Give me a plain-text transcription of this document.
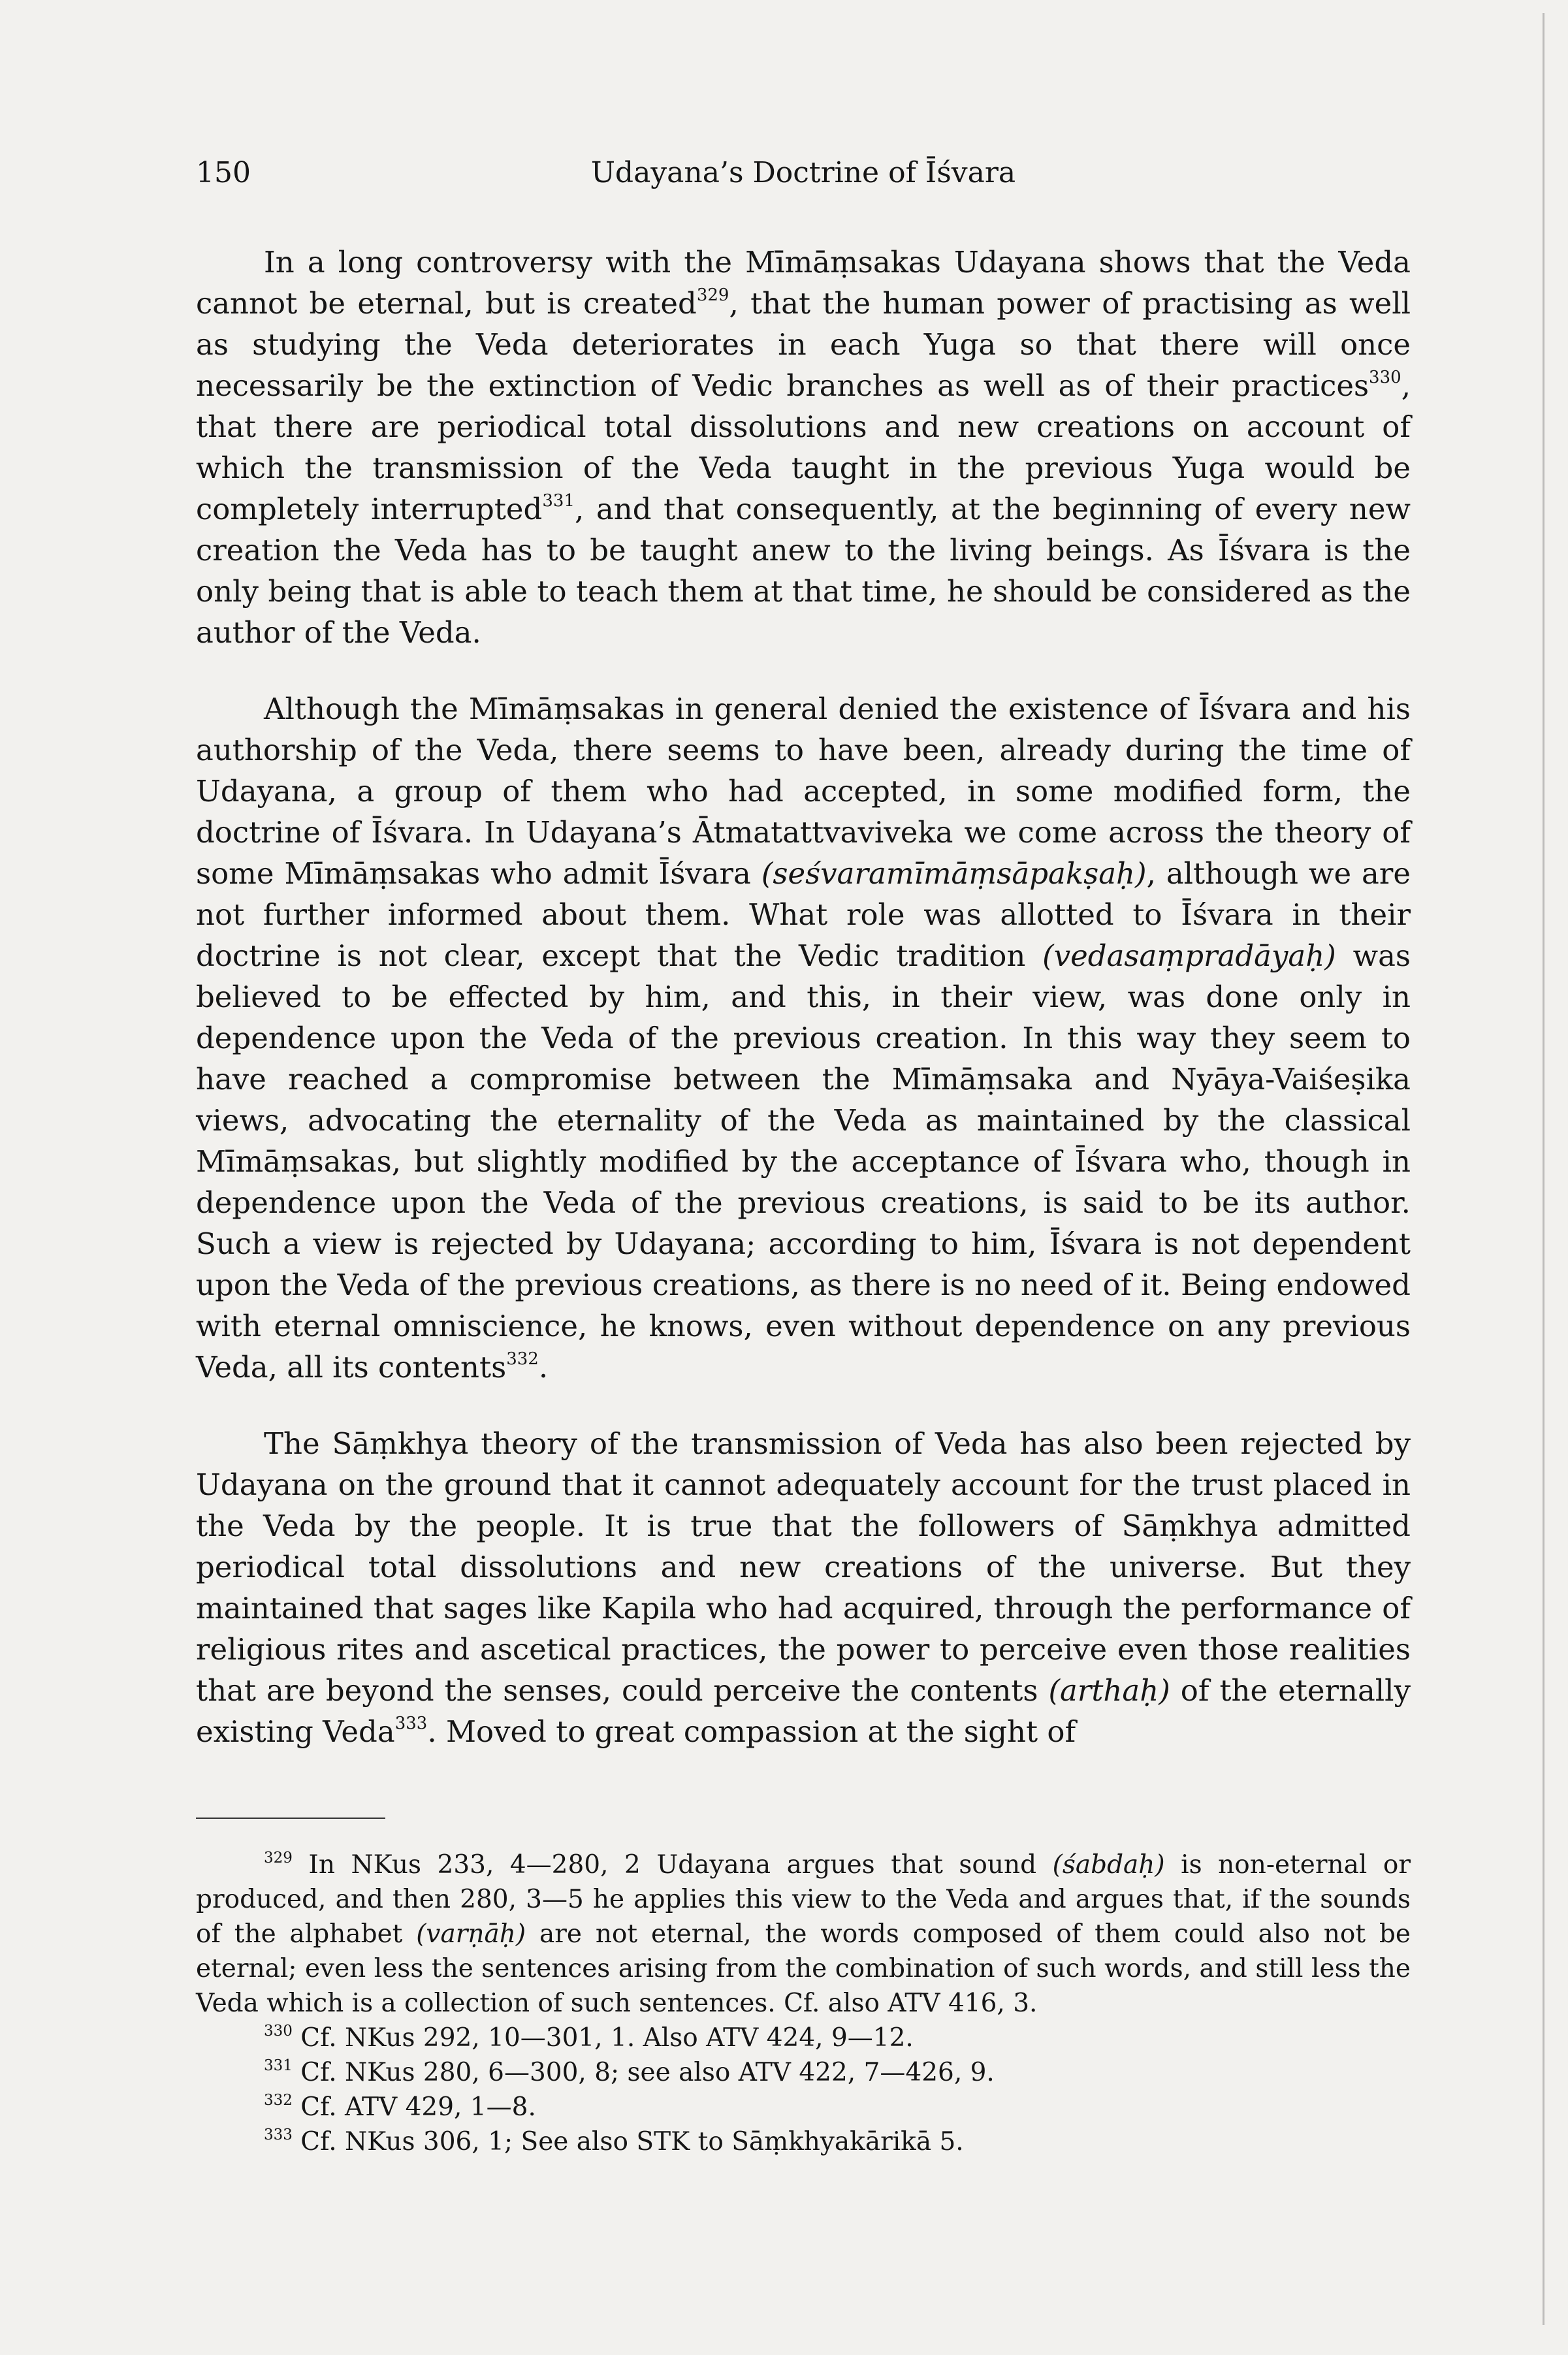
150	Udayana’s Doctrine of Īśvara

In a long controversy with the Mīmāṃsakas Udayana shows that the Veda cannot be eternal, but is created$^{329}$, that the human power of practising as well as studying the Veda deteriorates in each Yuga so that there will once necessarily be the extinction of Vedic branches as well as of their practices$^{330}$, that there are periodical total dissolutions and new creations on account of which the transmission of the Veda taught in the previous Yuga would be completely interrupted$^{331}$, and that consequently, at the beginning of every new creation the Veda has to be taught anew to the living beings. As Īśvara is the only being that is able to teach them at that time, he should be considered as the author of the Veda.

Although the Mīmāṃsakas in general denied the existence of Īśvara and his authorship of the Veda, there seems to have been, already during the time of Udayana, a group of them who had accepted, in some modified form, the doctrine of Īśvara. In Udayana’s Ātmatattvaviveka we come across the theory of some Mīmāṃsakas who admit Īśvara (seśvaramīmāṃsāpakṣaḥ), although we are not further informed about them. What role was allotted to Īśvara in their doctrine is not clear, except that the Vedic tradition (vedasaṃpradāyaḥ) was believed to be effected by him, and this, in their view, was done only in dependence upon the Veda of the previous creation. In this way they seem to have reached a compromise between the Mīmāṃsaka and Nyāya-Vaiśeṣika views, advocating the eternality of the Veda as maintained by the classical Mīmāṃsakas, but slightly modified by the acceptance of Īśvara who, though in dependence upon the Veda of the previous creations, is said to be its author. Such a view is rejected by Udayana; according to him, Īśvara is not dependent upon the Veda of the previous creations, as there is no need of it. Being endowed with eternal omniscience, he knows, even without dependence on any previous Veda, all its contents$^{332}$.

The Sāṃkhya theory of the transmission of Veda has also been rejected by Udayana on the ground that it cannot adequately account for the trust placed in the Veda by the people. It is true that the followers of Sāṃkhya admitted periodical total dissolutions and new creations of the universe. But they maintained that sages like Kapila who had acquired, through the performance of religious rites and ascetical practices, the power to perceive even those realities that are beyond the senses, could perceive the contents (arthaḥ) of the eternally existing Veda$^{333}$. Moved to great compassion at the sight of

$^{329}$ In NKus 233, 4—280, 2 Udayana argues that sound (śabdaḥ) is non-eternal or produced, and then 280, 3—5 he applies this view to the Veda and argues that, if the sounds of the alphabet (varṇāḥ) are not eternal, the words composed of them could also not be eternal; even less the sentences arising from the combination of such words, and still less the Veda which is a collection of such sentences. Cf. also ATV 416, 3.

$^{330}$ Cf. NKus 292, 10—301, 1. Also ATV 424, 9—12.

$^{331}$ Cf. NKus 280, 6—300, 8; see also ATV 422, 7—426, 9.

$^{332}$ Cf. ATV 429, 1—8.

$^{333}$ Cf. NKus 306, 1; See also STK to Sāṃkhyakārikā 5.
